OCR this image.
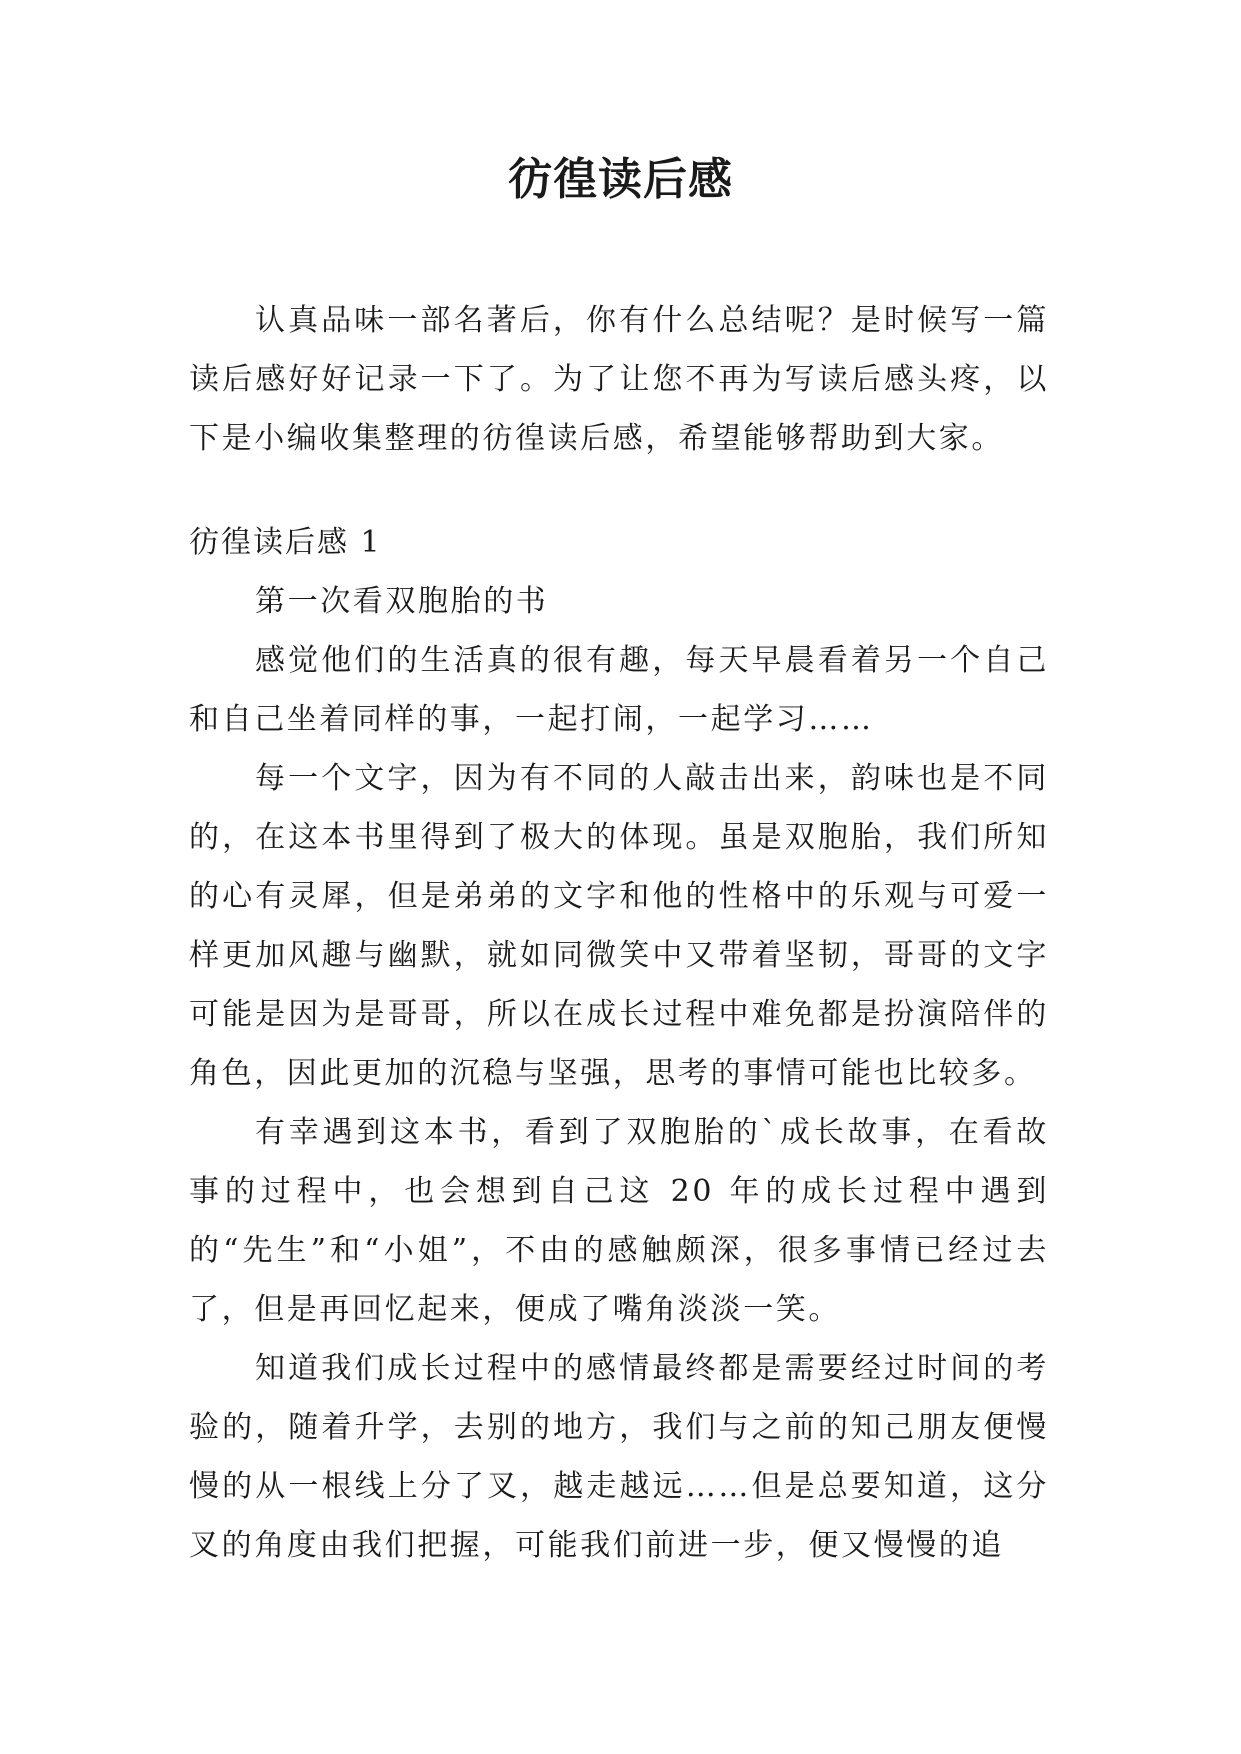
彷徨读后感

认真品味一部名著后，你有什么总结呢？是时候写一篇读后感好好记录一下了。为了让您不再为写读后感头疼，以下是小编收集整理的彷徨读后感，希望能够帮助到大家。

彷徨读后感 1

第一次看双胞胎的书

感觉他们的生活真的很有趣，每天早晨看着另一个自己和自己坐着同样的事，一起打闹，一起学习……

每一个文字，因为有不同的人敲击出来，韵味也是不同的，在这本书里得到了极大的体现。虽是双胞胎，我们所知的心有灵犀，但是弟弟的文字和他的性格中的乐观与可爱一样更加风趣与幽默，就如同微笑中又带着坚韧，哥哥的文字可能是因为是哥哥，所以在成长过程中难免都是扮演陪伴的角色，因此更加的沉稳与坚强，思考的事情可能也比较多。

有幸遇到这本书，看到了双胞胎的`成长故事，在看故事的过程中，也会想到自己这 20 年的成长过程中遇到的“先生”和“小姐”，不由的感触颇深，很多事情已经过去了，但是再回忆起来，便成了嘴角淡淡一笑。

知道我们成长过程中的感情最终都是需要经过时间的考验的，随着升学，去别的地方，我们与之前的知己朋友便慢慢的从一根线上分了叉，越走越远……但是总要知道，这分叉的角度由我们把握，可能我们前进一步，便又慢慢的追
